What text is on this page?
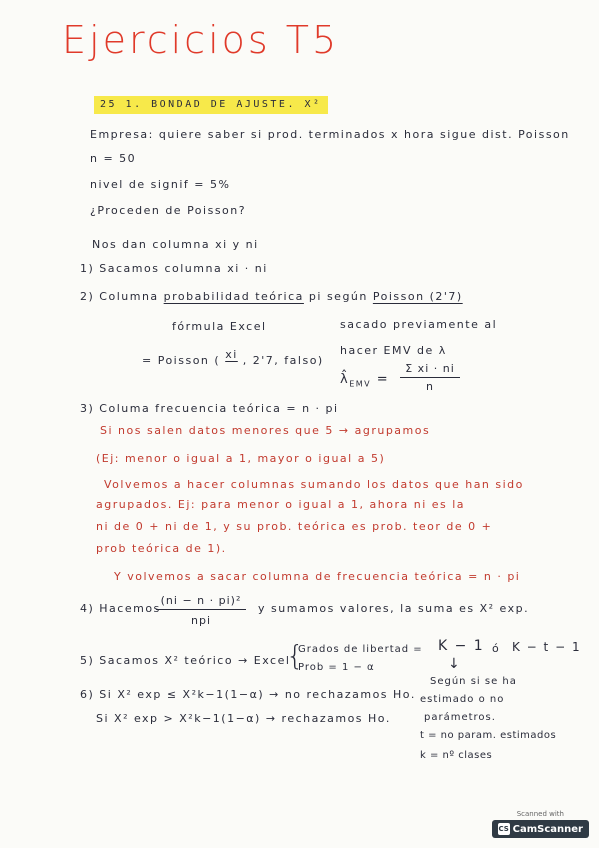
Ejercicios T5
25 1. BONDAD DE AJUSTE. X²
Empresa: quiere saber si prod. terminados x hora sigue dist. Poisson
n = 50
nivel de signif = 5%
¿Proceden de Poisson?
Nos dan columna xi y ni
1) Sacamos columna xi · ni
2) Columna probabilidad teórica pi según Poisson (2'7)
fórmula Excel	sacado previamente al
= Poisson ( xi , 2'7, falso)
hacer EMV de λ
$\lambdâ_{EMV}$ =
Σ xi · ni
n
3) Columa frecuencia teórica = n · pi
Si nos salen datos menores que 5 → agrupamos
(Ej: menor o igual a 1, mayor o igual a 5)
Volvemos a hacer columnas sumando los datos que han sido
agrupados. Ej: para menor o igual a 1, ahora ni es la
ni de 0 + ni de 1, y su prob. teórica es prob. teor de 0 +
prob teórica de 1).
Y volvemos a sacar columna de frecuencia teórica = n · pi
4) Hacemos
(ni − n · pi)²
npi
y sumamos valores, la suma es X² exp.
5) Sacamos X² teórico → Excel
{
Grados de libertad =
Prob = 1 − α
K − 1 ó K − t − 1
↓
6) Si X² exp ≤ X²k−1(1−α) → no rechazamos Ho.
Si X² exp > X²k−1(1−α) → rechazamos Ho.
Según si se ha
estimado o no
parámetros.
t = no param. estimados
k = nº clases
Scanned with
CS CamScanner
